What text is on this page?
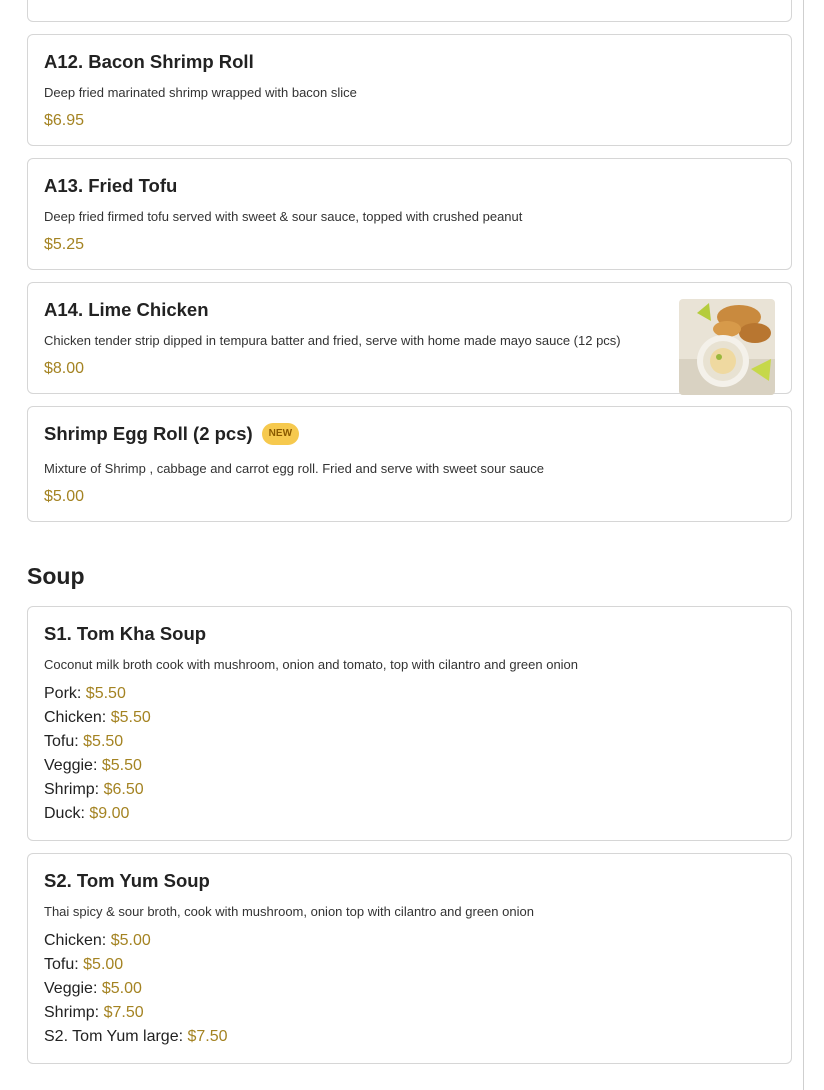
A12. Bacon Shrimp Roll
Deep fried marinated shrimp wrapped with bacon slice
$6.95
A13. Fried Tofu
Deep fried firmed tofu served with sweet & sour sauce, topped with crushed peanut
$5.25
A14. Lime Chicken
Chicken tender strip dipped in tempura batter and fried, serve with home made mayo sauce (12 pcs)
$8.00
Shrimp Egg Roll (2 pcs)	NEW
Mixture of Shrimp , cabbage and carrot egg roll. Fried and serve with sweet sour sauce
$5.00
Soup
S1. Tom Kha Soup
Coconut milk broth cook with mushroom, onion and tomato, top with cilantro and green onion
Pork: $5.50
Chicken: $5.50
Tofu: $5.50
Veggie: $5.50
Shrimp: $6.50
Duck: $9.00
S2. Tom Yum Soup
Thai spicy & sour broth, cook with mushroom, onion top with cilantro and green onion
Chicken: $5.00
Tofu: $5.00
Veggie: $5.00
Shrimp: $7.50
S2. Tom Yum large: $7.50
